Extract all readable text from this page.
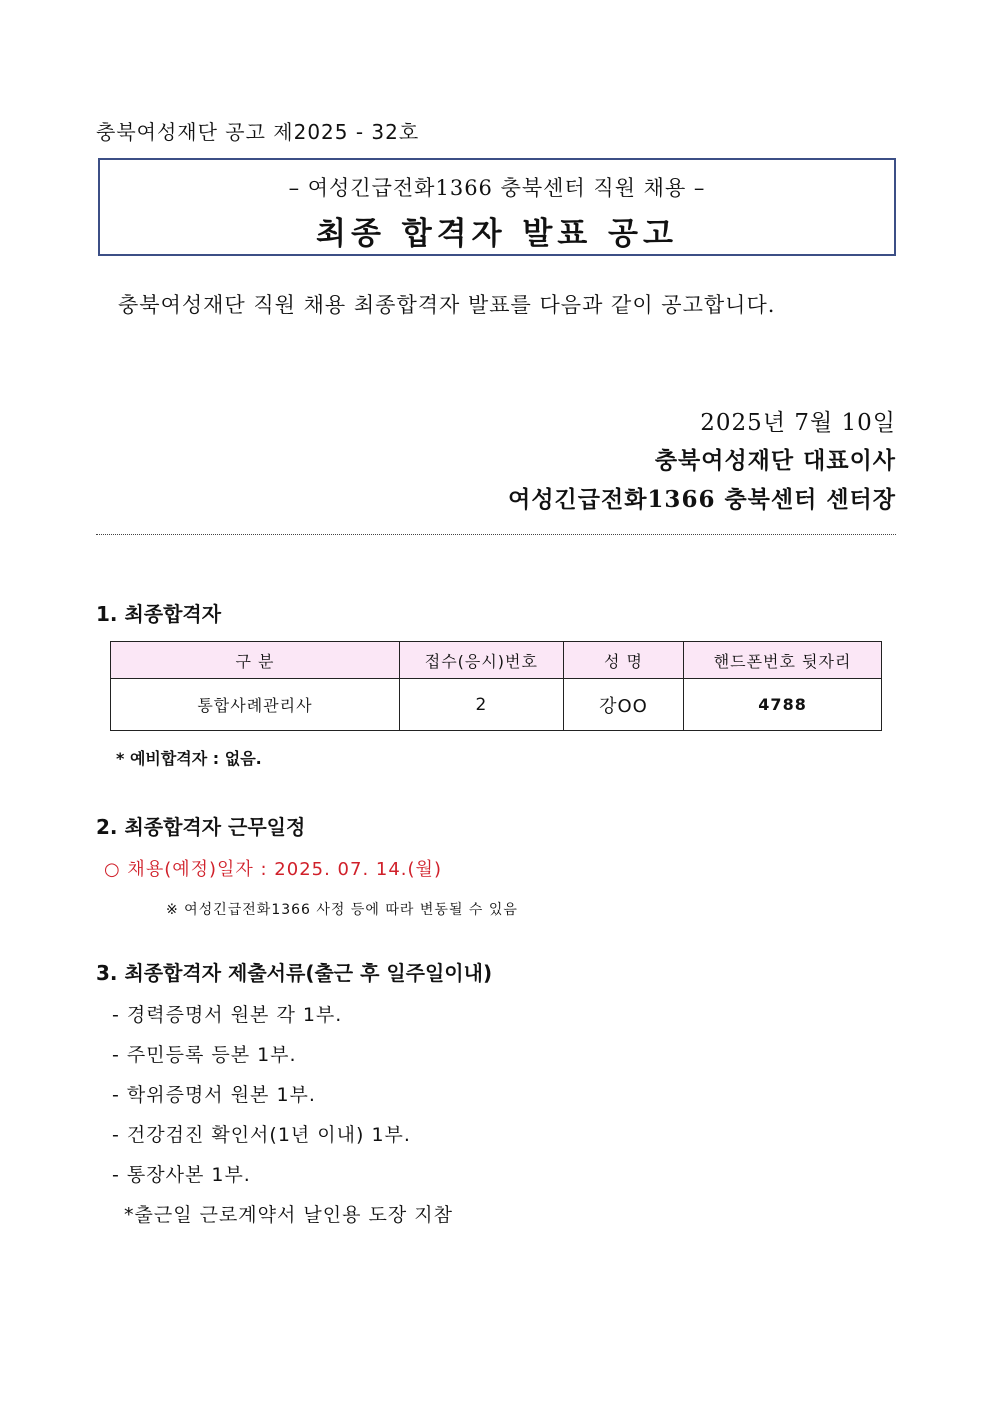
충북여성재단 공고 제2025 - 32호
– 여성긴급전화1366 충북센터 직원 채용 –
최종 합격자 발표 공고
충북여성재단 직원 채용 최종합격자 발표를 다음과 같이 공고합니다.
2025년 7월 10일
충북여성재단 대표이사
여성긴급전화1366 충북센터 센터장
1. 최종합격자
구 분	접수(응시)번호	성 명	핸드폰번호 뒷자리
통합사례관리사	2	강OO	4788
* 예비합격자 : 없음.
2. 최종합격자 근무일정
○ 채용(예정)일자 : 2025. 07. 14.(월)
※ 여성긴급전화1366 사정 등에 따라 변동될 수 있음
3. 최종합격자 제출서류(출근 후 일주일이내)
- 경력증명서 원본 각 1부.
- 주민등록 등본 1부.
- 학위증명서 원본 1부.
- 건강검진 확인서(1년 이내) 1부.
- 통장사본 1부.
*출근일 근로계약서 날인용 도장 지참
